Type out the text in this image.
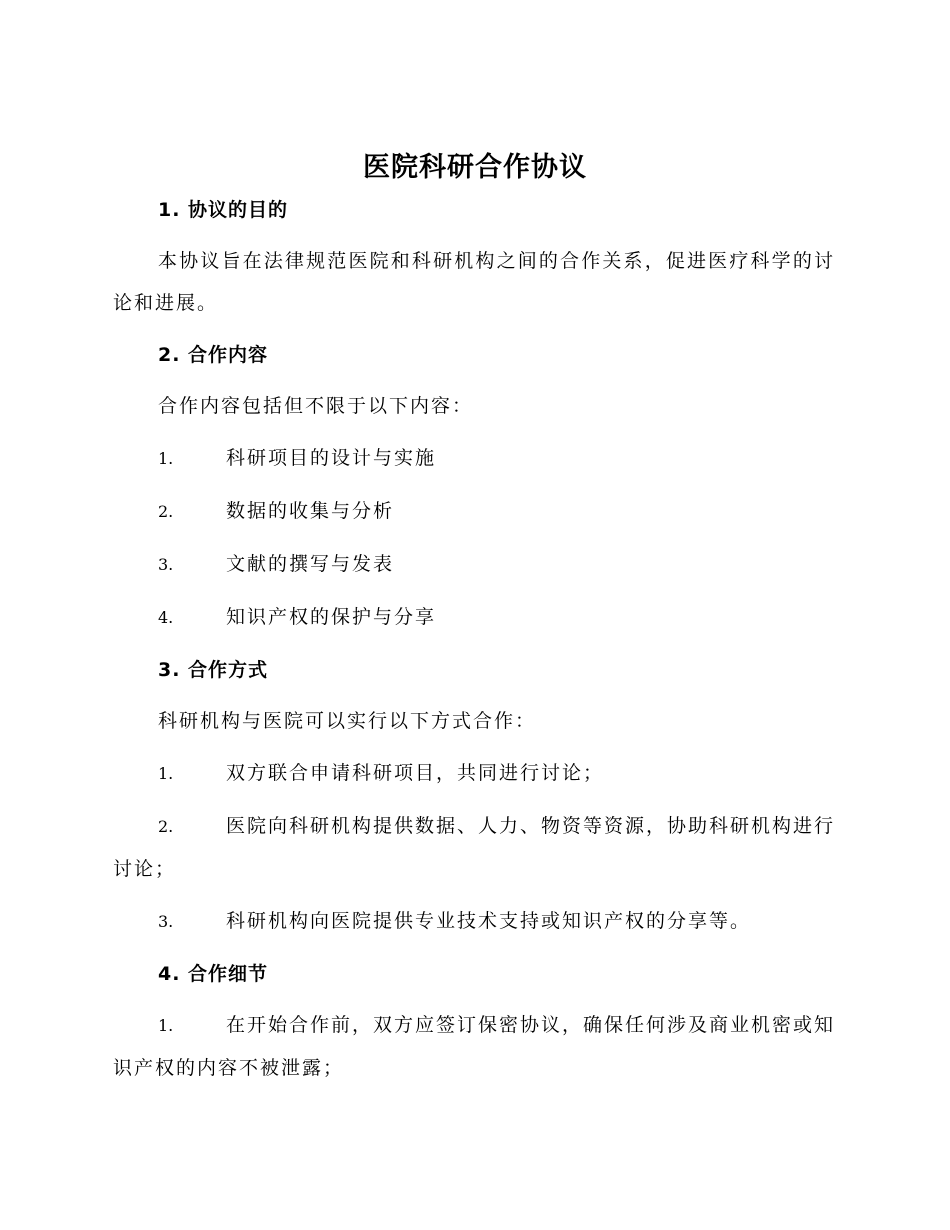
医院科研合作协议
1. 协议的目的

本协议旨在法律规范医院和科研机构之间的合作关系，促进医疗科学的讨论和进展。

2. 合作内容

合作内容包括但不限于以下内容：

1.	科研项目的设计与实施

2.	数据的收集与分析

3.	文献的撰写与发表

4.	知识产权的保护与分享

3. 合作方式

科研机构与医院可以实行以下方式合作：

1.	双方联合申请科研项目，共同进行讨论；

2.	医院向科研机构提供数据、人力、物资等资源，协助科研机构进行讨论；

3.	科研机构向医院提供专业技术支持或知识产权的分享等。

4. 合作细节

1.	在开始合作前，双方应签订保密协议，确保任何涉及商业机密或知识产权的内容不被泄露；
